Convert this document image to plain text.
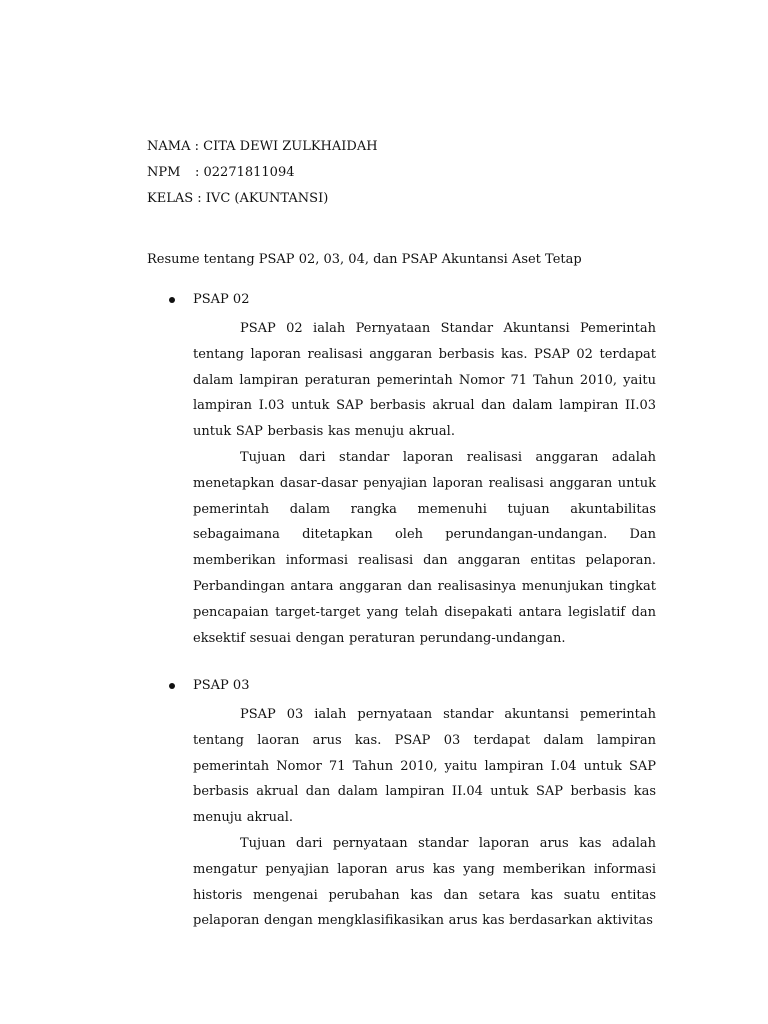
NAMA : CITA DEWI ZULKHAIDAH
NPM : 02271811094
KELAS : IVC (AKUNTANSI)
Resume tentang PSAP 02, 03, 04, dan PSAP Akuntansi Aset Tetap
PSAP 02

PSAP 02 ialah Pernyataan Standar Akuntansi Pemerintah tentang laporan realisasi anggaran berbasis kas. PSAP 02 terdapat dalam lampiran peraturan pemerintah Nomor 71 Tahun 2010, yaitu lampiran I.03 untuk SAP berbasis akrual dan dalam lampiran II.03 untuk SAP berbasis kas menuju akrual.

Tujuan dari standar laporan realisasi anggaran adalah menetapkan dasar-dasar penyajian laporan realisasi anggaran untuk pemerintah dalam rangka memenuhi tujuan akuntabilitas sebagaimana ditetapkan oleh perundangan-undangan. Dan memberikan informasi realisasi dan anggaran entitas pelaporan. Perbandingan antara anggaran dan realisasinya menunjukan tingkat pencapaian target-target yang telah disepakati antara legislatif dan eksektif sesuai dengan peraturan perundang-undangan.

PSAP 03

PSAP 03 ialah pernyataan standar akuntansi pemerintah tentang laoran arus kas. PSAP 03 terdapat dalam lampiran pemerintah Nomor 71 Tahun 2010, yaitu lampiran I.04 untuk SAP berbasis akrual dan dalam lampiran II.04 untuk SAP berbasis kas menuju akrual.

Tujuan dari pernyataan standar laporan arus kas adalah mengatur penyajian laporan arus kas yang memberikan informasi historis mengenai perubahan kas dan setara kas suatu entitas pelaporan dengan mengklasifikasikan arus kas berdasarkan aktivitas
